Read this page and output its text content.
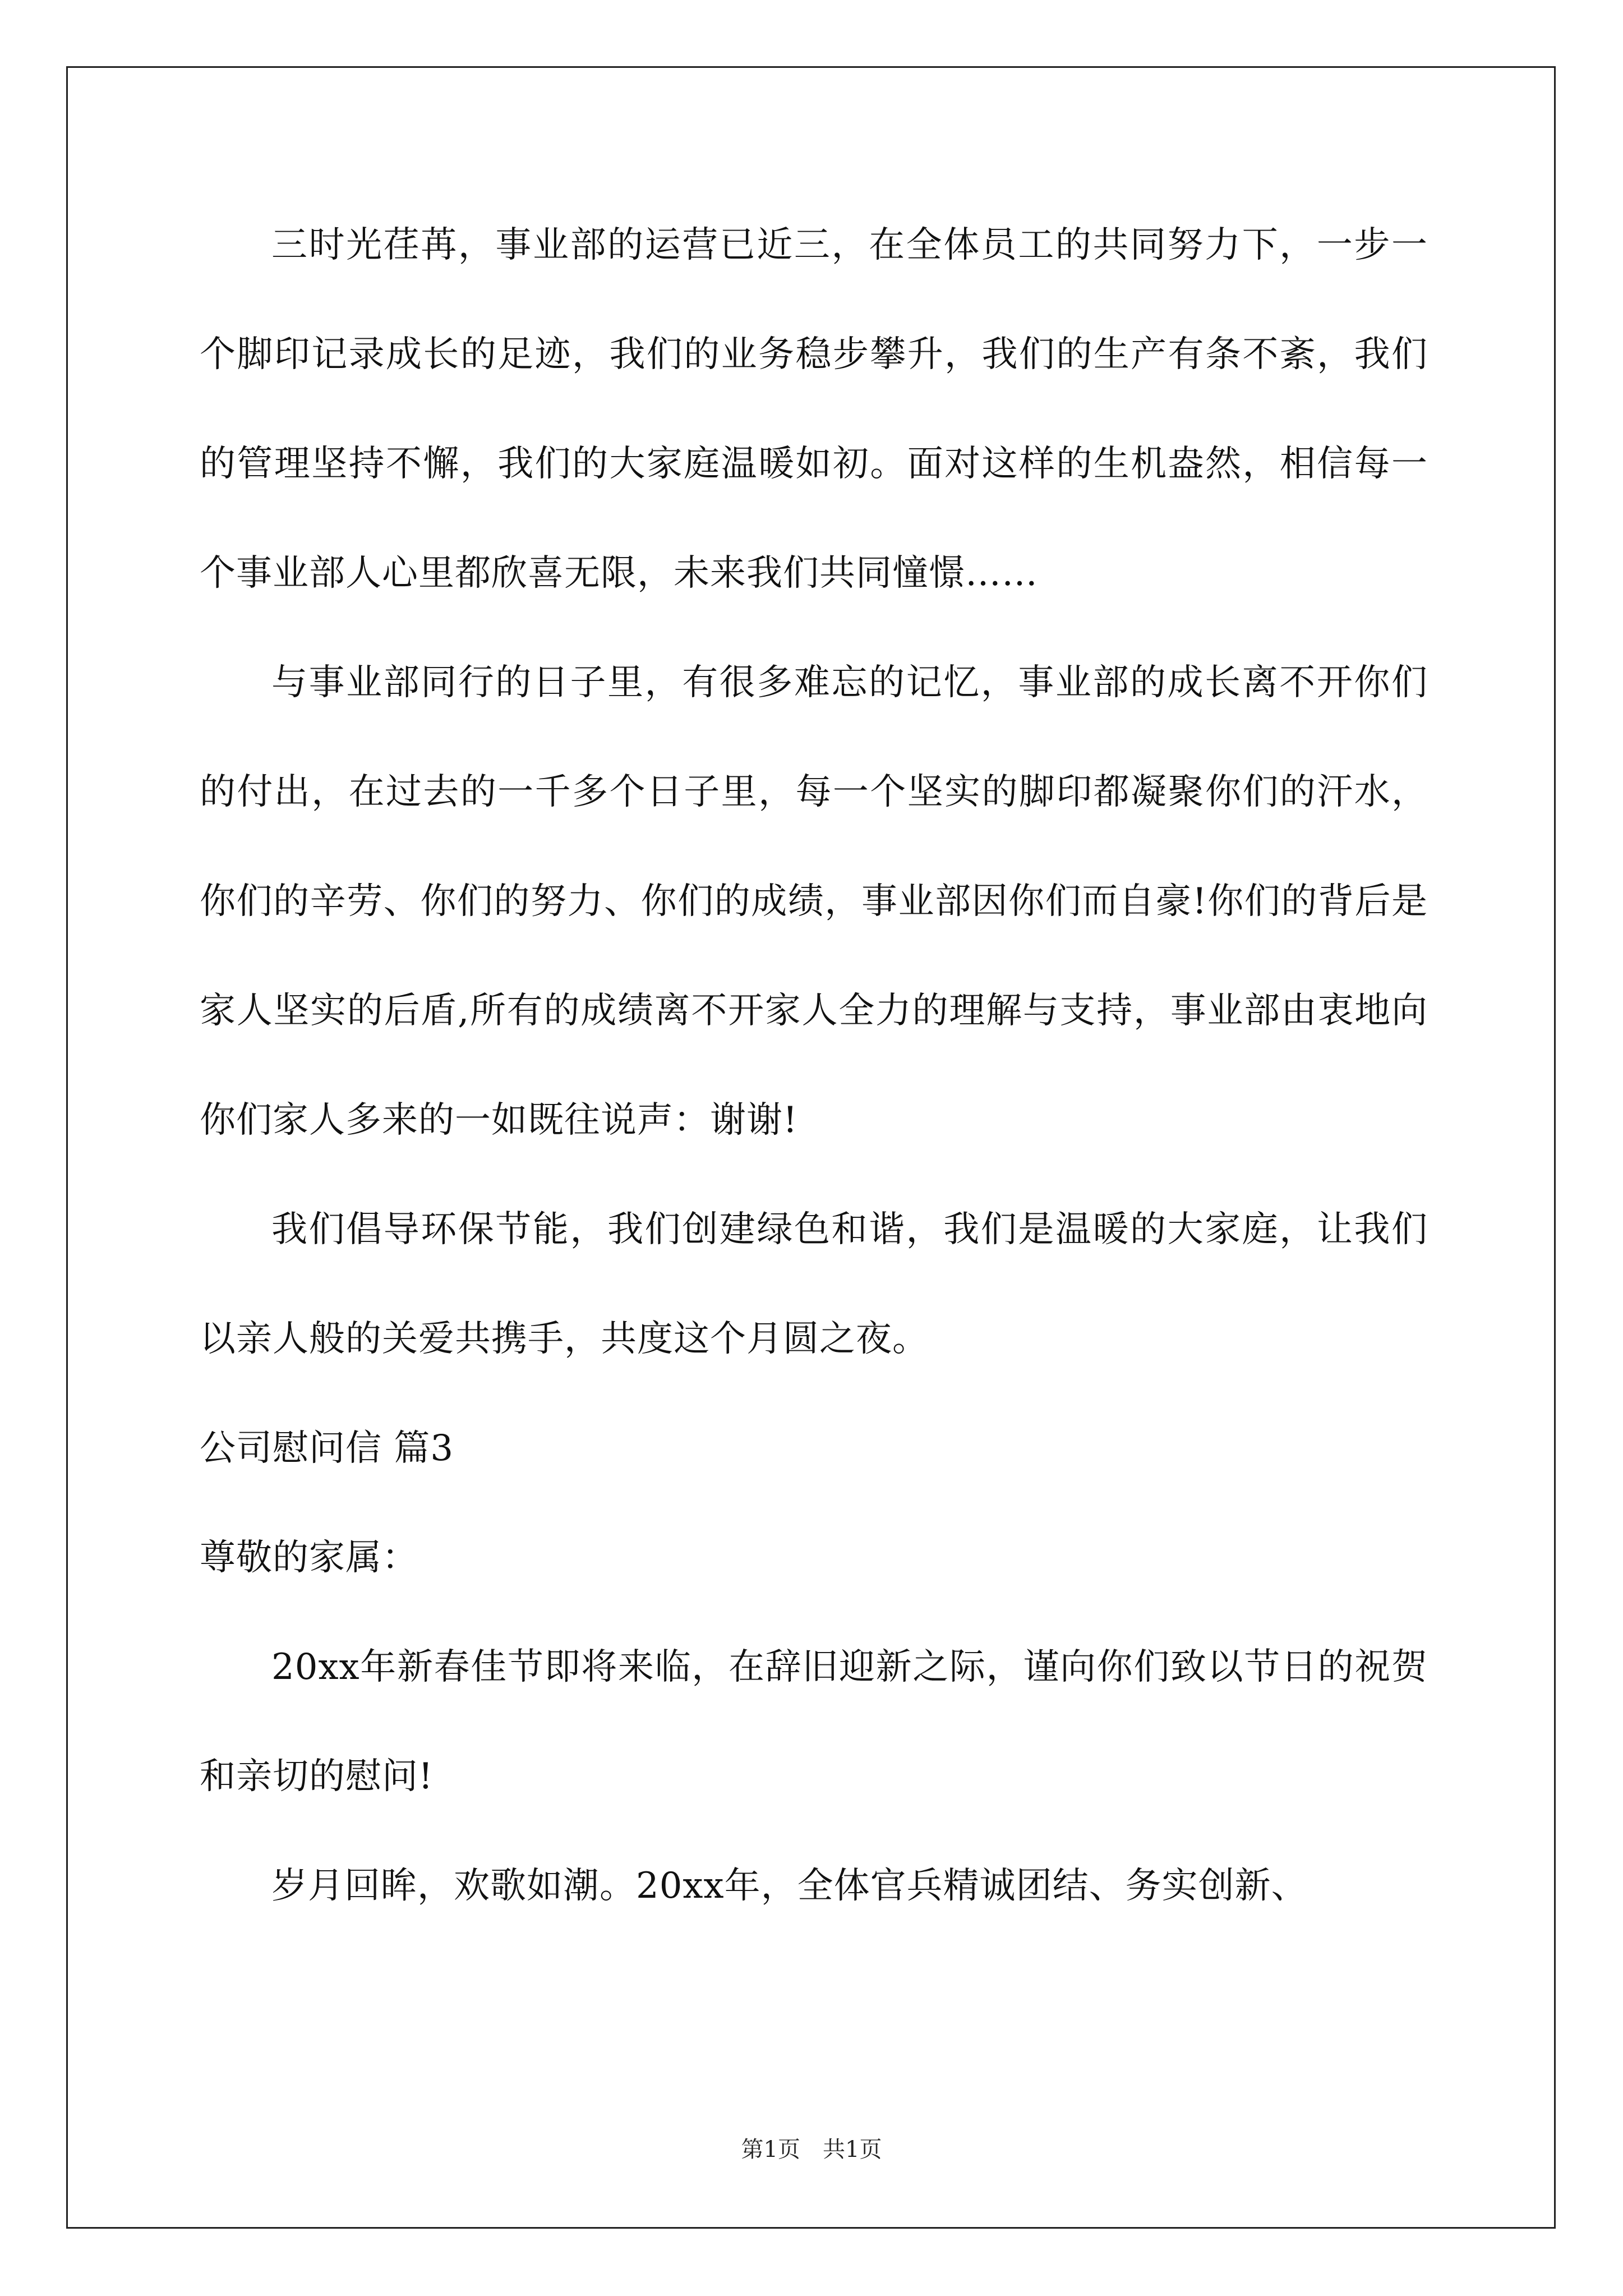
三时光荏苒，事业部的运营已近三，在全体员工的共同努力下，一步一个脚印记录成长的足迹，我们的业务稳步攀升，我们的生产有条不紊，我们的管理坚持不懈，我们的大家庭温暖如初。面对这样的生机盎然，相信每一个事业部人心里都欣喜无限，未来我们共同憧憬……

与事业部同行的日子里，有很多难忘的记忆，事业部的成长离不开你们的付出，在过去的一千多个日子里，每一个坚实的脚印都凝聚你们的汗水，你们的辛劳、你们的努力、你们的成绩，事业部因你们而自豪!你们的背后是家人坚实的后盾,所有的成绩离不开家人全力的理解与支持，事业部由衷地向你们家人多来的一如既往说声：谢谢!

我们倡导环保节能，我们创建绿色和谐，我们是温暖的大家庭，让我们以亲人般的关爱共携手，共度这个月圆之夜。

公司慰问信 篇3

尊敬的家属：

20xx年新春佳节即将来临，在辞旧迎新之际，谨向你们致以节日的祝贺和亲切的慰问!

岁月回眸，欢歌如潮。20xx年，全体官兵精诚团结、务实创新、

第1页 共1页
